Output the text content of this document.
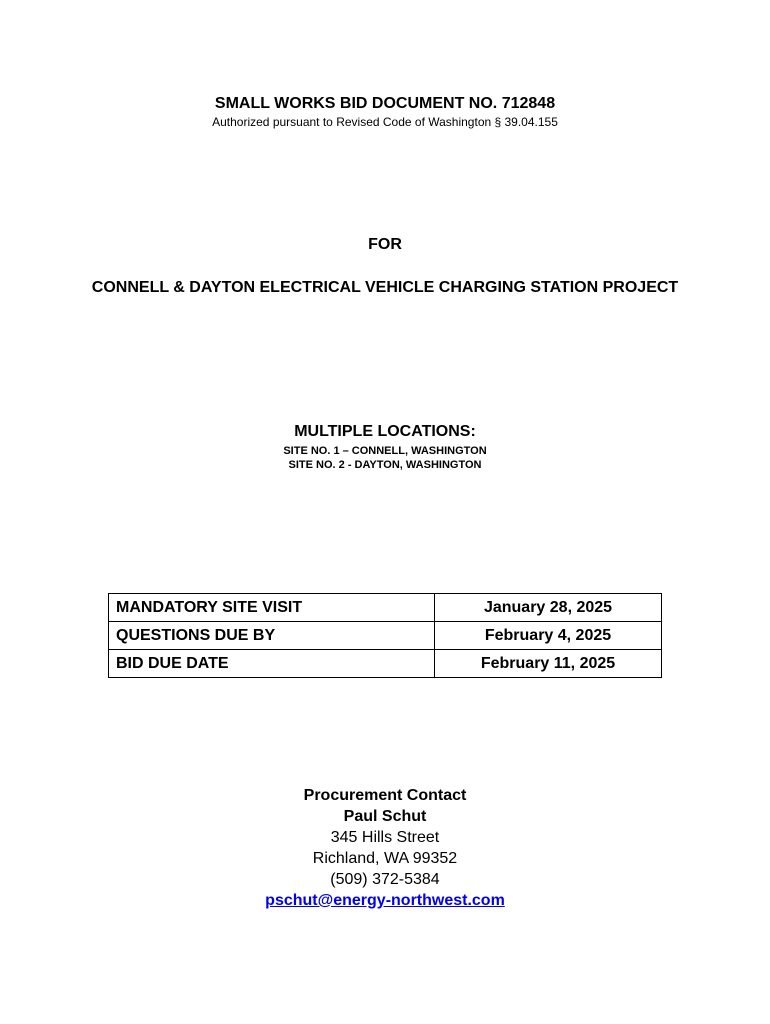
SMALL WORKS BID DOCUMENT NO. 712848
Authorized pursuant to Revised Code of Washington § 39.04.155
FOR
CONNELL & DAYTON ELECTRICAL VEHICLE CHARGING STATION PROJECT
MULTIPLE LOCATIONS:
SITE NO. 1 – CONNELL, WASHINGTON
SITE NO. 2 - DAYTON, WASHINGTON
MANDATORY SITE VISIT	January 28, 2025
QUESTIONS DUE BY	February 4, 2025
BID DUE DATE	February 11, 2025
Procurement Contact
Paul Schut
345 Hills Street
Richland, WA 99352
(509) 372-5384
pschut@energy-northwest.com
